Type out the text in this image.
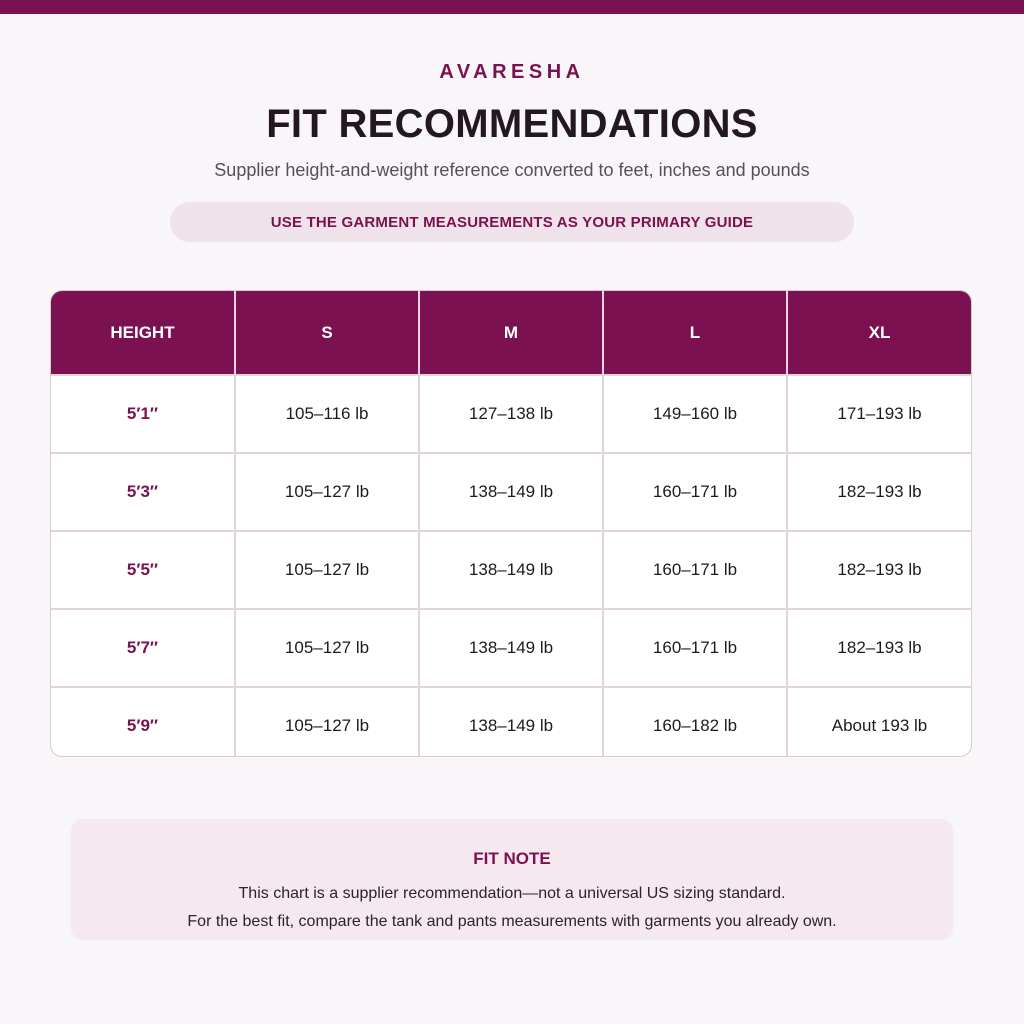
AVARESHA
FIT RECOMMENDATIONS
Supplier height-and-weight reference converted to feet, inches and pounds
USE THE GARMENT MEASUREMENTS AS YOUR PRIMARY GUIDE
HEIGHT	S	M	L	XL
5′1″	105–116 lb	127–138 lb	149–160 lb	171–193 lb
5′3″	105–127 lb	138–149 lb	160–171 lb	182–193 lb
5′5″	105–127 lb	138–149 lb	160–171 lb	182–193 lb
5′7″	105–127 lb	138–149 lb	160–171 lb	182–193 lb
5′9″	105–127 lb	138–149 lb	160–182 lb	About 193 lb
FIT NOTE
This chart is a supplier recommendation—not a universal US sizing standard.
For the best fit, compare the tank and pants measurements with garments you already own.
